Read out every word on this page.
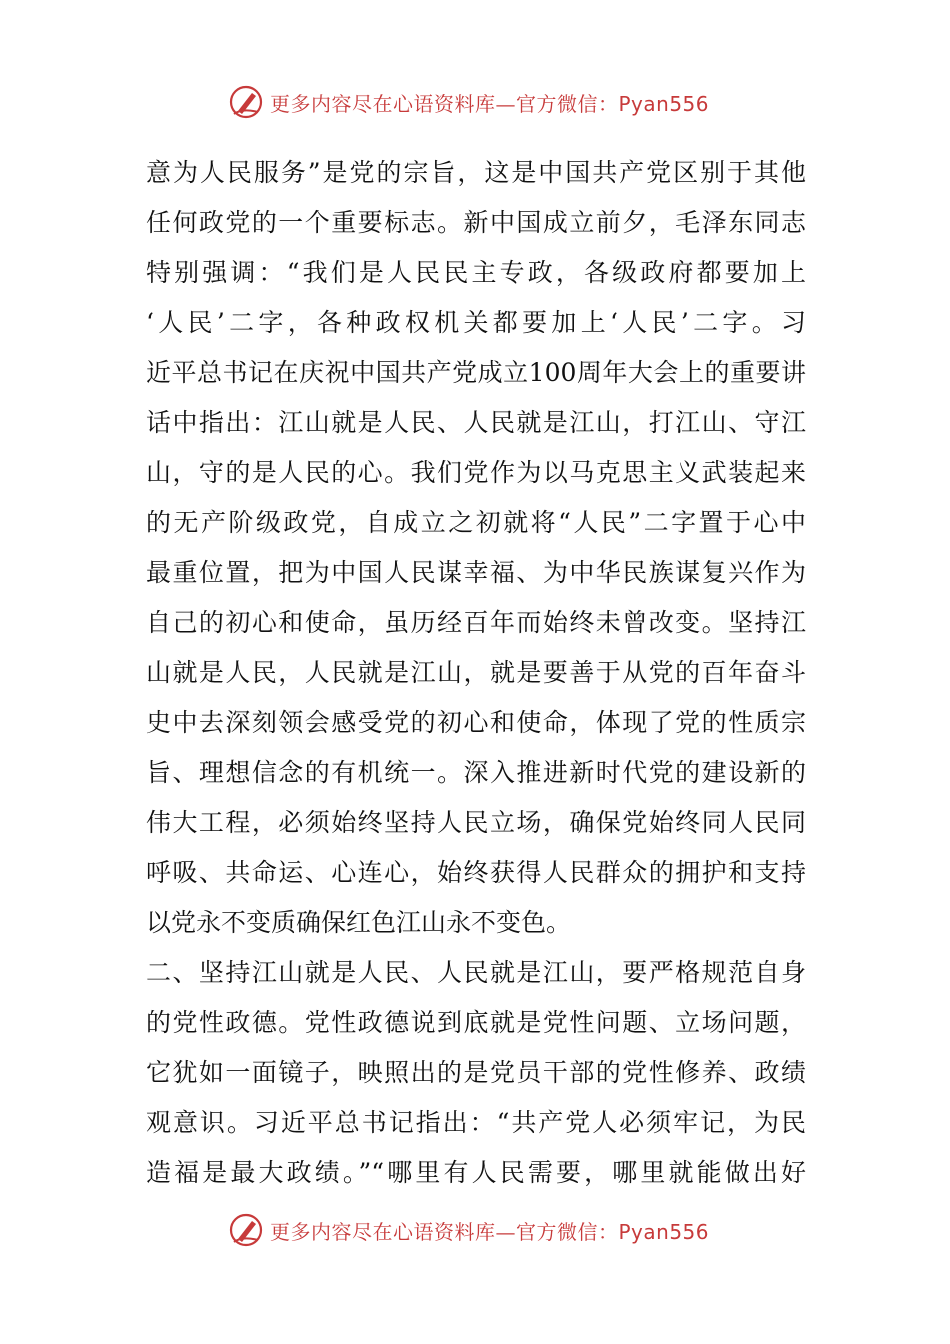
更多内容尽在心语资料库—官方微信：Pyan556
意为人民服务”是党的宗旨，这是中国共产党区别于其他
任何政党的一个重要标志。新中国成立前夕，毛泽东同志
特别强调：“我们是人民民主专政，各级政府都要加上
‘人民’二字，各种政权机关都要加上‘人民’二字。习
近平总书记在庆祝中国共产党成立100周年大会上的重要讲
话中指出：江山就是人民、人民就是江山，打江山、守江
山，守的是人民的心。我们党作为以马克思主义武装起来
的无产阶级政党，自成立之初就将“人民”二字置于心中
最重位置，把为中国人民谋幸福、为中华民族谋复兴作为
自己的初心和使命，虽历经百年而始终未曾改变。坚持江
山就是人民，人民就是江山，就是要善于从党的百年奋斗
史中去深刻领会感受党的初心和使命，体现了党的性质宗
旨、理想信念的有机统一。深入推进新时代党的建设新的
伟大工程，必须始终坚持人民立场，确保党始终同人民同
呼吸、共命运、心连心，始终获得人民群众的拥护和支持
以党永不变质确保红色江山永不变色。
二、坚持江山就是人民、人民就是江山，要严格规范自身
的党性政德。党性政德说到底就是党性问题、立场问题，
它犹如一面镜子，映照出的是党员干部的党性修养、政绩
观意识。习近平总书记指出：“共产党人必须牢记，为民
造福是最大政绩。”“哪里有人民需要，哪里就能做出好
更多内容尽在心语资料库—官方微信：Pyan556
